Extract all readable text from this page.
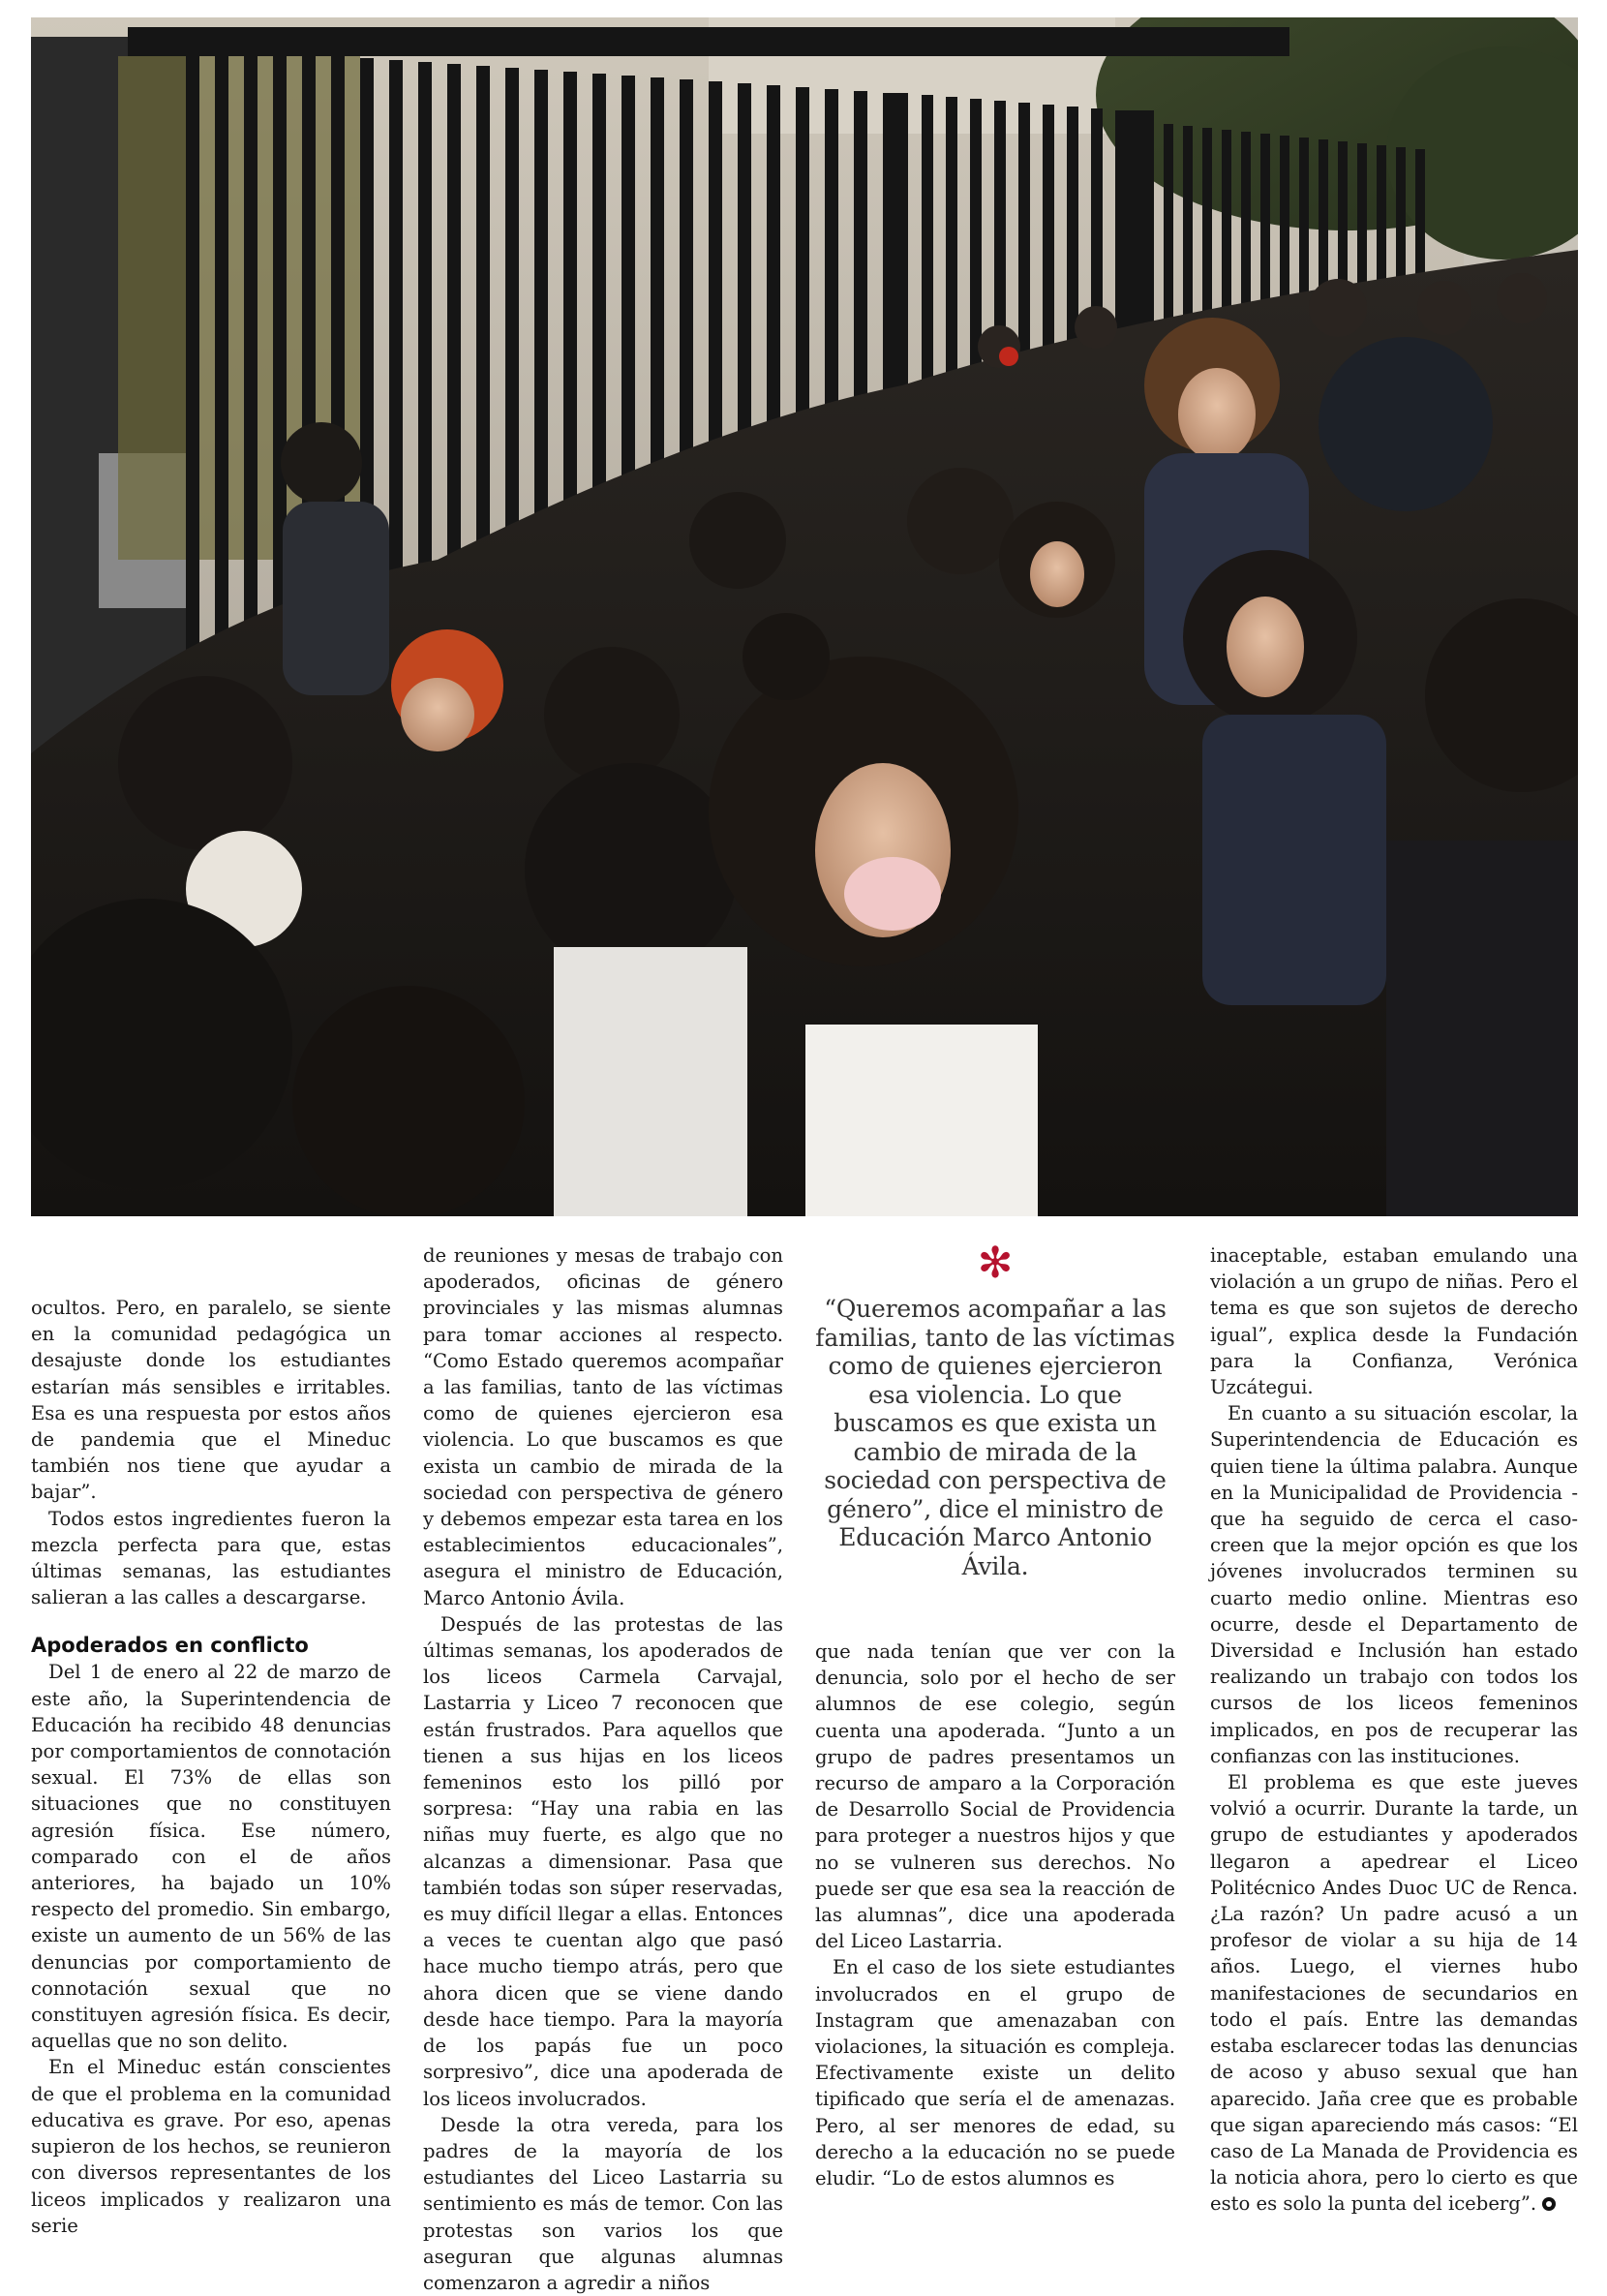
ocultos. Pero, en paralelo, se siente en la comunidad pedagógica un desajuste donde los estudiantes estarían más sensibles e irritables. Esa es una respuesta por estos años de pandemia que el Mineduc también nos tiene que ayudar a bajar”.

Todos estos ingredientes fueron la mezcla perfecta para que, estas últimas semanas, las estudiantes salieran a las calles a descargarse.

Apoderados en conflicto

Del 1 de enero al 22 de marzo de este año, la Superintendencia de Educación ha recibido 48 denuncias por comportamientos de connotación sexual. El 73% de ellas son situaciones que no constituyen agresión física. Ese número, comparado con el de años anteriores, ha bajado un 10% respecto del promedio. Sin embargo, existe un aumento de un 56% de las denuncias por comportamiento de connotación sexual que no constituyen agresión física. Es decir, aquellas que no son delito.

En el Mineduc están conscientes de que el problema en la comunidad educativa es grave. Por eso, apenas supieron de los hechos, se reunieron con diversos representantes de los liceos implicados y realizaron una serie

de reuniones y mesas de trabajo con apoderados, oficinas de género provinciales y las mismas alumnas para tomar acciones al respecto. “Como Estado queremos acompañar a las familias, tanto de las víctimas como de quienes ejercieron esa violencia. Lo que buscamos es que exista un cambio de mirada de la sociedad con perspectiva de género y debemos empezar esta tarea en los establecimientos educacionales”, asegura el ministro de Educación, Marco Antonio Ávila.

Después de las protestas de las últimas semanas, los apoderados de los liceos Carmela Carvajal, Lastarria y Liceo 7 reconocen que están frustrados. Para aquellos que tienen a sus hijas en los liceos femeninos esto los pilló por sorpresa: “Hay una rabia en las niñas muy fuerte, es algo que no alcanzas a dimensionar. Pasa que también todas son súper reservadas, es muy difícil llegar a ellas. Entonces a veces te cuentan algo que pasó hace mucho tiempo atrás, pero que ahora dicen que se viene dando desde hace tiempo. Para la mayoría de los papás fue un poco sorpresivo”, dice una apoderada de los liceos involucrados.

Desde la otra vereda, para los padres de la mayoría de los estudiantes del Liceo Lastarria su sentimiento es más de temor. Con las protestas son varios los que aseguran que algunas alumnas comenzaron a agredir a niños

✻
“Queremos acompañar a las familias, tanto de las víctimas como de quienes ejercieron esa violencia. Lo que buscamos es que exista un cambio de mirada de la sociedad con perspectiva de género”, dice el ministro de Educación Marco Antonio Ávila.

que nada tenían que ver con la denuncia, solo por el hecho de ser alumnos de ese colegio, según cuenta una apoderada. “Junto a un grupo de padres presentamos un recurso de amparo a la Corporación de Desarrollo Social de Providencia para proteger a nuestros hijos y que no se vulneren sus derechos. No puede ser que esa sea la reacción de las alumnas”, dice una apoderada del Liceo Lastarria.

En el caso de los siete estudiantes involucrados en el grupo de Instagram que amenazaban con violaciones, la situación es compleja. Efectivamente existe un delito tipificado que sería el de amenazas. Pero, al ser menores de edad, su derecho a la educación no se puede eludir. “Lo de estos alumnos es

inaceptable, estaban emulando una violación a un grupo de niñas. Pero el tema es que son sujetos de derecho igual”, explica desde la Fundación para la Confianza, Verónica Uzcátegui.

En cuanto a su situación escolar, la Superintendencia de Educación es quien tiene la última palabra. Aunque en la Municipalidad de Providencia -que ha seguido de cerca el caso- creen que la mejor opción es que los jóvenes involucrados terminen su cuarto medio online. Mientras eso ocurre, desde el Departamento de Diversidad e Inclusión han estado realizando un trabajo con todos los cursos de los liceos femeninos implicados, en pos de recuperar las confianzas con las instituciones.

El problema es que este jueves volvió a ocurrir. Durante la tarde, un grupo de estudiantes y apoderados llegaron a apedrear el Liceo Politécnico Andes Duoc UC de Renca. ¿La razón? Un padre acusó a un profesor de violar a su hija de 14 años. Luego, el viernes hubo manifestaciones de secundarios en todo el país. Entre las demandas estaba esclarecer todas las denuncias de acoso y abuso sexual que han aparecido. Jaña cree que es probable que sigan apareciendo más casos: “El caso de La Manada de Providencia es la noticia ahora, pero lo cierto es que esto es solo la punta del iceberg”.
